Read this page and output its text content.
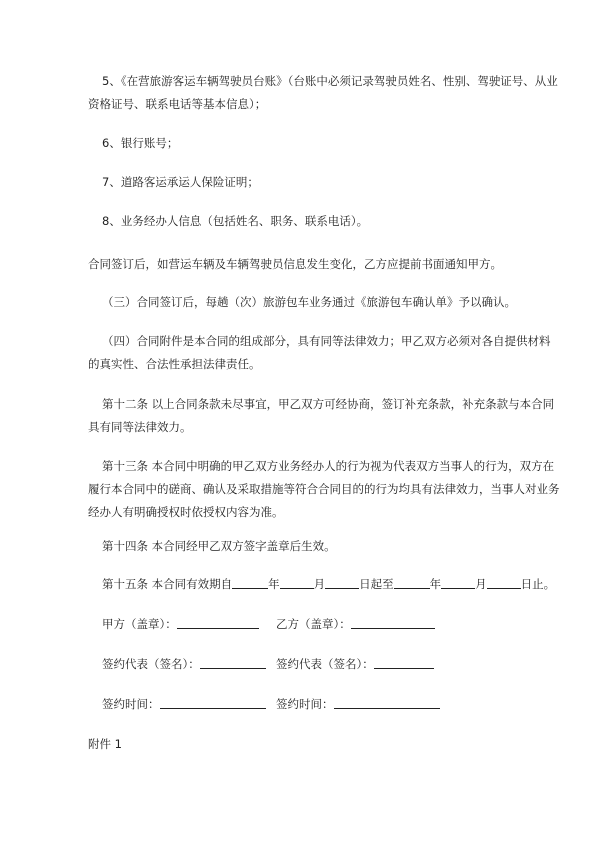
5、《在营旅游客运车辆驾驶员台账》（台账中必须记录驾驶员姓名、性别、驾驶证号、从业资格证号、联系电话等基本信息）；

6、银行账号；

7、道路客运承运人保险证明；

8、业务经办人信息（包括姓名、职务、联系电话）。

合同签订后，如营运车辆及车辆驾驶员信息发生变化，乙方应提前书面通知甲方。

（三）合同签订后，每趟（次）旅游包车业务通过《旅游包车确认单》予以确认。

（四）合同附件是本合同的组成部分，具有同等法律效力；甲乙双方必须对各自提供材料的真实性、合法性承担法律责任。

第十二条 以上合同条款未尽事宜，甲乙双方可经协商，签订补充条款，补充条款与本合同具有同等法律效力。

第十三条 本合同中明确的甲乙双方业务经办人的行为视为代表双方当事人的行为，双方在履行本合同中的磋商、确认及采取措施等符合合同目的的行为均具有法律效力，当事人对业务经办人有明确授权时依授权内容为准。

第十四条 本合同经甲乙双方签字盖章后生效。

第十五条 本合同有效期自	年	月	日起至	年	月	日止。

甲方（盖章）：	乙方（盖章）：

签约代表（签名）：	签约代表（签名）：

签约时间：	签约时间：

附件 1
